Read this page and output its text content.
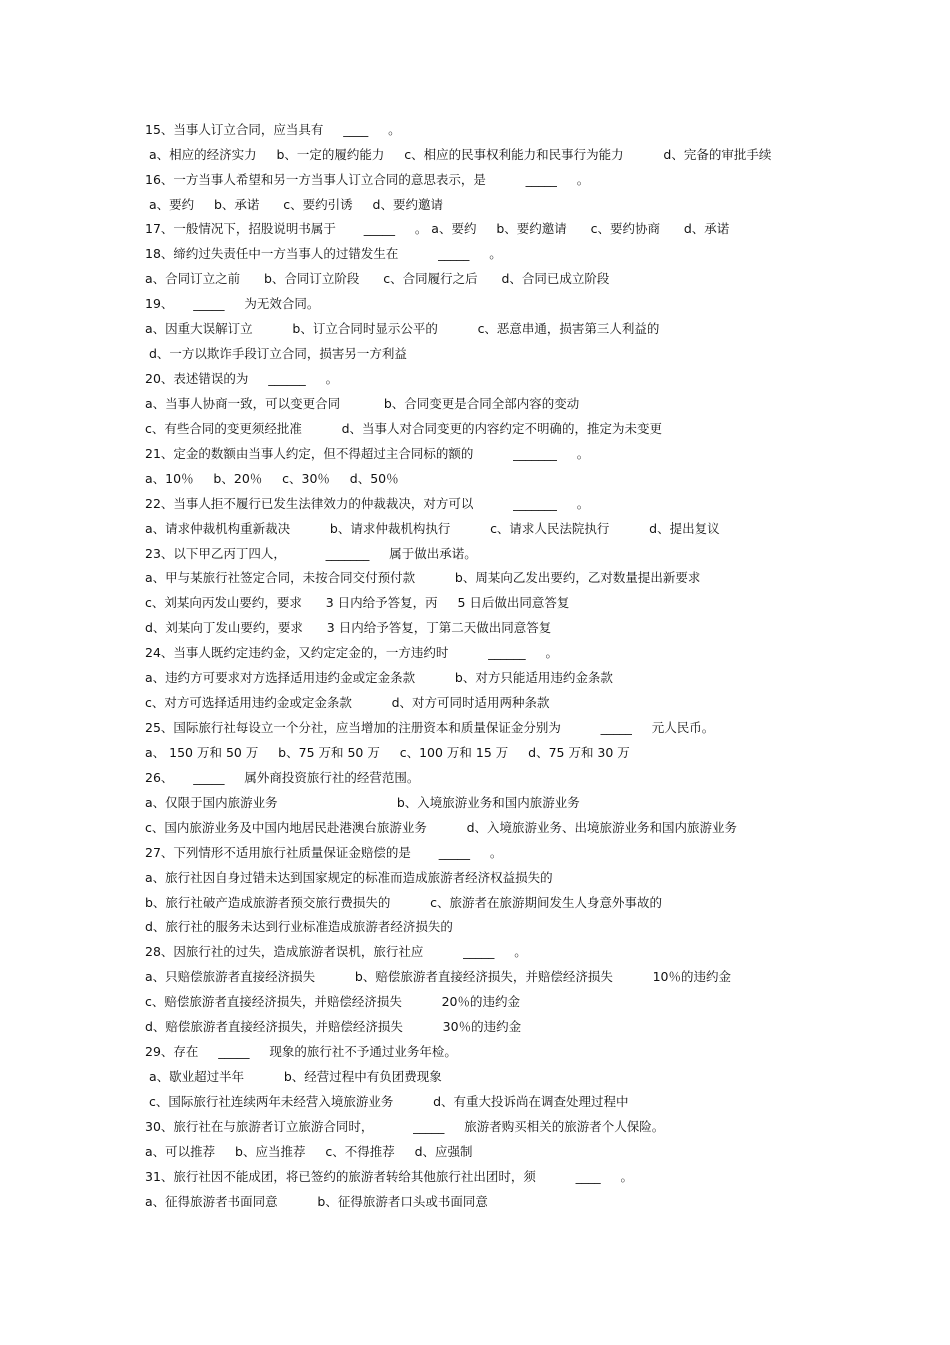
15、当事人订立合同，应当具有     ____     。
a、相应的经济实力     b、一定的履约能力     c、相应的民事权利能力和民事行为能力          d、完备的审批手续
16、一方当事人希望和另一方当事人订立合同的意思表示，是          _____     。
a、要约     b、承诺      c、要约引诱     d、要约邀请
17、一般情况下，招股说明书属于       _____     。 a、要约     b、要约邀请      c、要约协商      d、承诺
18、缔约过失责任中一方当事人的过错发生在          _____     。
a、合同订立之前      b、合同订立阶段      c、合同履行之后      d、合同已成立阶段
19、     _____     为无效合同。
a、因重大误解订立          b、订立合同时显示公平的          c、恶意串通，损害第三人利益的
d、一方以欺诈手段订立合同，损害另一方利益
20、表述错误的为     ______     。
a、当事人协商一致，可以变更合同           b、合同变更是合同全部内容的变动
c、有些合同的变更须经批准          d、当事人对合同变更的内容约定不明确的，推定为未变更
21、定金的数额由当事人约定，但不得超过主合同标的额的          _______     。
a、10％     b、20％     c、30％     d、50％
22、当事人拒不履行已发生法律效力的仲裁裁决，对方可以          _______     。
a、请求仲裁机构重新裁决          b、请求仲裁机构执行          c、请求人民法院执行          d、提出复议
23、以下甲乙丙丁四人，          _______     属于做出承诺。
a、甲与某旅行社签定合同，未按合同交付预付款          b、周某向乙发出要约，乙对数量提出新要求
c、刘某向丙发山要约，要求      3 日内给予答复，丙     5 日后做出同意答复
d、刘某向丁发山要约，要求      3 日内给予答复，丁第二天做出同意答复
24、当事人既约定违约金，又约定定金的，一方违约时          ______     。
a、违约方可要求对方选择适用违约金或定金条款          b、对方只能适用违约金条款
c、对方可选择适用违约金或定金条款          d、对方可同时适用两种条款
25、国际旅行社每设立一个分社，应当增加的注册资本和质量保证金分别为          _____     元人民币。
a、 150 万和 50 万     b、75 万和 50 万     c、100 万和 15 万     d、75 万和 30 万
26、     _____     属外商投资旅行社的经营范围。
a、仅限于国内旅游业务                              b、入境旅游业务和国内旅游业务
c、国内旅游业务及中国内地居民赴港澳台旅游业务          d、入境旅游业务、出境旅游业务和国内旅游业务
27、下列情形不适用旅行社质量保证金赔偿的是       _____     。
a、旅行社因自身过错未达到国家规定的标准而造成旅游者经济权益损失的
b、旅行社破产造成旅游者预交旅行费损失的          c、旅游者在旅游期间发生人身意外事故的
d、旅行社的服务未达到行业标准造成旅游者经济损失的
28、因旅行社的过失，造成旅游者误机，旅行社应          _____     。
a、只赔偿旅游者直接经济损失          b、赔偿旅游者直接经济损失，并赔偿经济损失          10％的违约金
c、赔偿旅游者直接经济损失，并赔偿经济损失          20％的违约金
d、赔偿旅游者直接经济损失，并赔偿经济损失          30％的违约金
29、存在     _____     现象的旅行社不予通过业务年检。
a、歇业超过半年          b、经营过程中有负团费现象
c、国际旅行社连续两年未经营入境旅游业务          d、有重大投诉尚在调查处理过程中
30、旅行社在与旅游者订立旅游合同时，          _____     旅游者购买相关的旅游者个人保险。
a、可以推荐     b、应当推荐     c、不得推荐     d、应强制
31、旅行社因不能成团，将已签约的旅游者转给其他旅行社出团时，须          ____     。
a、征得旅游者书面同意          b、征得旅游者口头或书面同意
